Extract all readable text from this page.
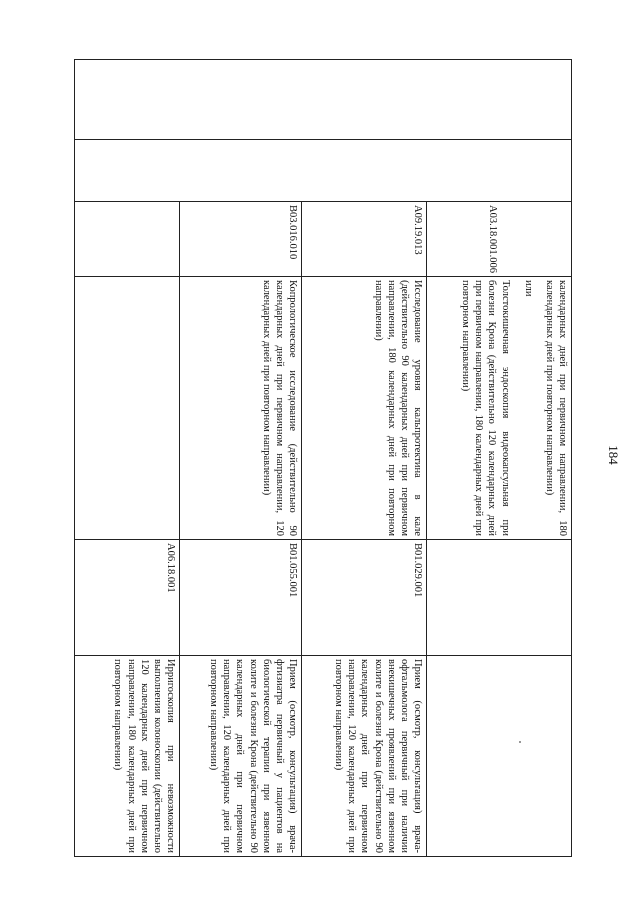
184

		A03.18.001.006	календарных дней при первичном направлении, 180 календарных дней при повторном направлении)
или
Толстокишечная эндоскопия видеокапсульная при болезни Крона (действительно 120 календарных дней при первичном направлении, 180 календарных дней при повторном направлении)		

		A09.19.013	Исследование уровня кальпротектина в кале (действительно 90 календарных дней при первичном направлении, 180 календарных дней при повторном направлении)	B01.029.001	Прием (осмотр, консультация) врача-офтальмолога первичный при наличии внекишечных проявлений при язвенном колите и болезни Крона (действительно 90 календарных дней при первичном направлении, 120 календарных дней при повторном направлении)
		B03.016.010	Копрологическое исследование (действительно 90 календарных дней при первичном направлении, 120 календарных дней при повторном направлении)	B01.055.001	Прием (осмотр, консультация) врача-фтизиатра первичный у пациентов на биологической терапии при язвенном колите и болезни Крона (действительно 90 календарных дней при первичном направлении, 120 календарных дней при повторном направлении)
				A06.18.001	Ирригоскопия при невозможности выполнения колоноскопии (действительно 120 календарных дней при первичном направлении, 180 календарных дней при повторном направлении)
